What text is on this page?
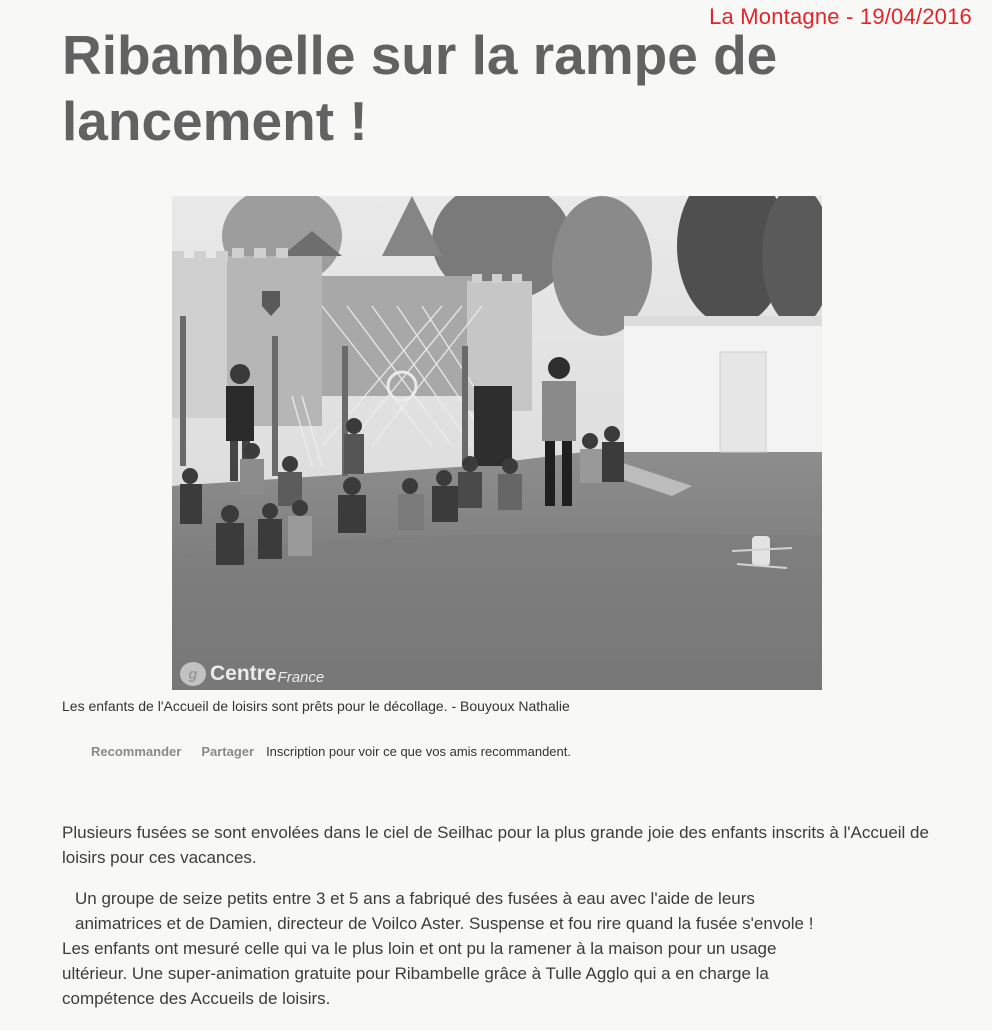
La Montagne - 19/04/2016
Ribambelle sur la rampe de lancement !
g Centre France
Les enfants de l'Accueil de loisirs sont prêts pour le décollage. - Bouyoux Nathalie
Recommander Partager Inscription pour voir ce que vos amis recommandent.

Plusieurs fusées se sont envolées dans le ciel de Seilhac pour la plus grande joie des enfants inscrits à l'Accueil de loisirs pour ces vacances.

Un groupe de seize petits entre 3 et 5 ans a fabriqué des fusées à eau avec l'aide de leurs
animatrices et de Damien, directeur de Voilco Aster. Suspense et fou rire quand la fusée s'envole !
Les enfants ont mesuré celle qui va le plus loin et ont pu la ramener à la maison pour un usage
ultérieur. Une super-animation gratuite pour Ribambelle grâce à Tulle Agglo qui a en charge la
compétence des Accueils de loisirs.
